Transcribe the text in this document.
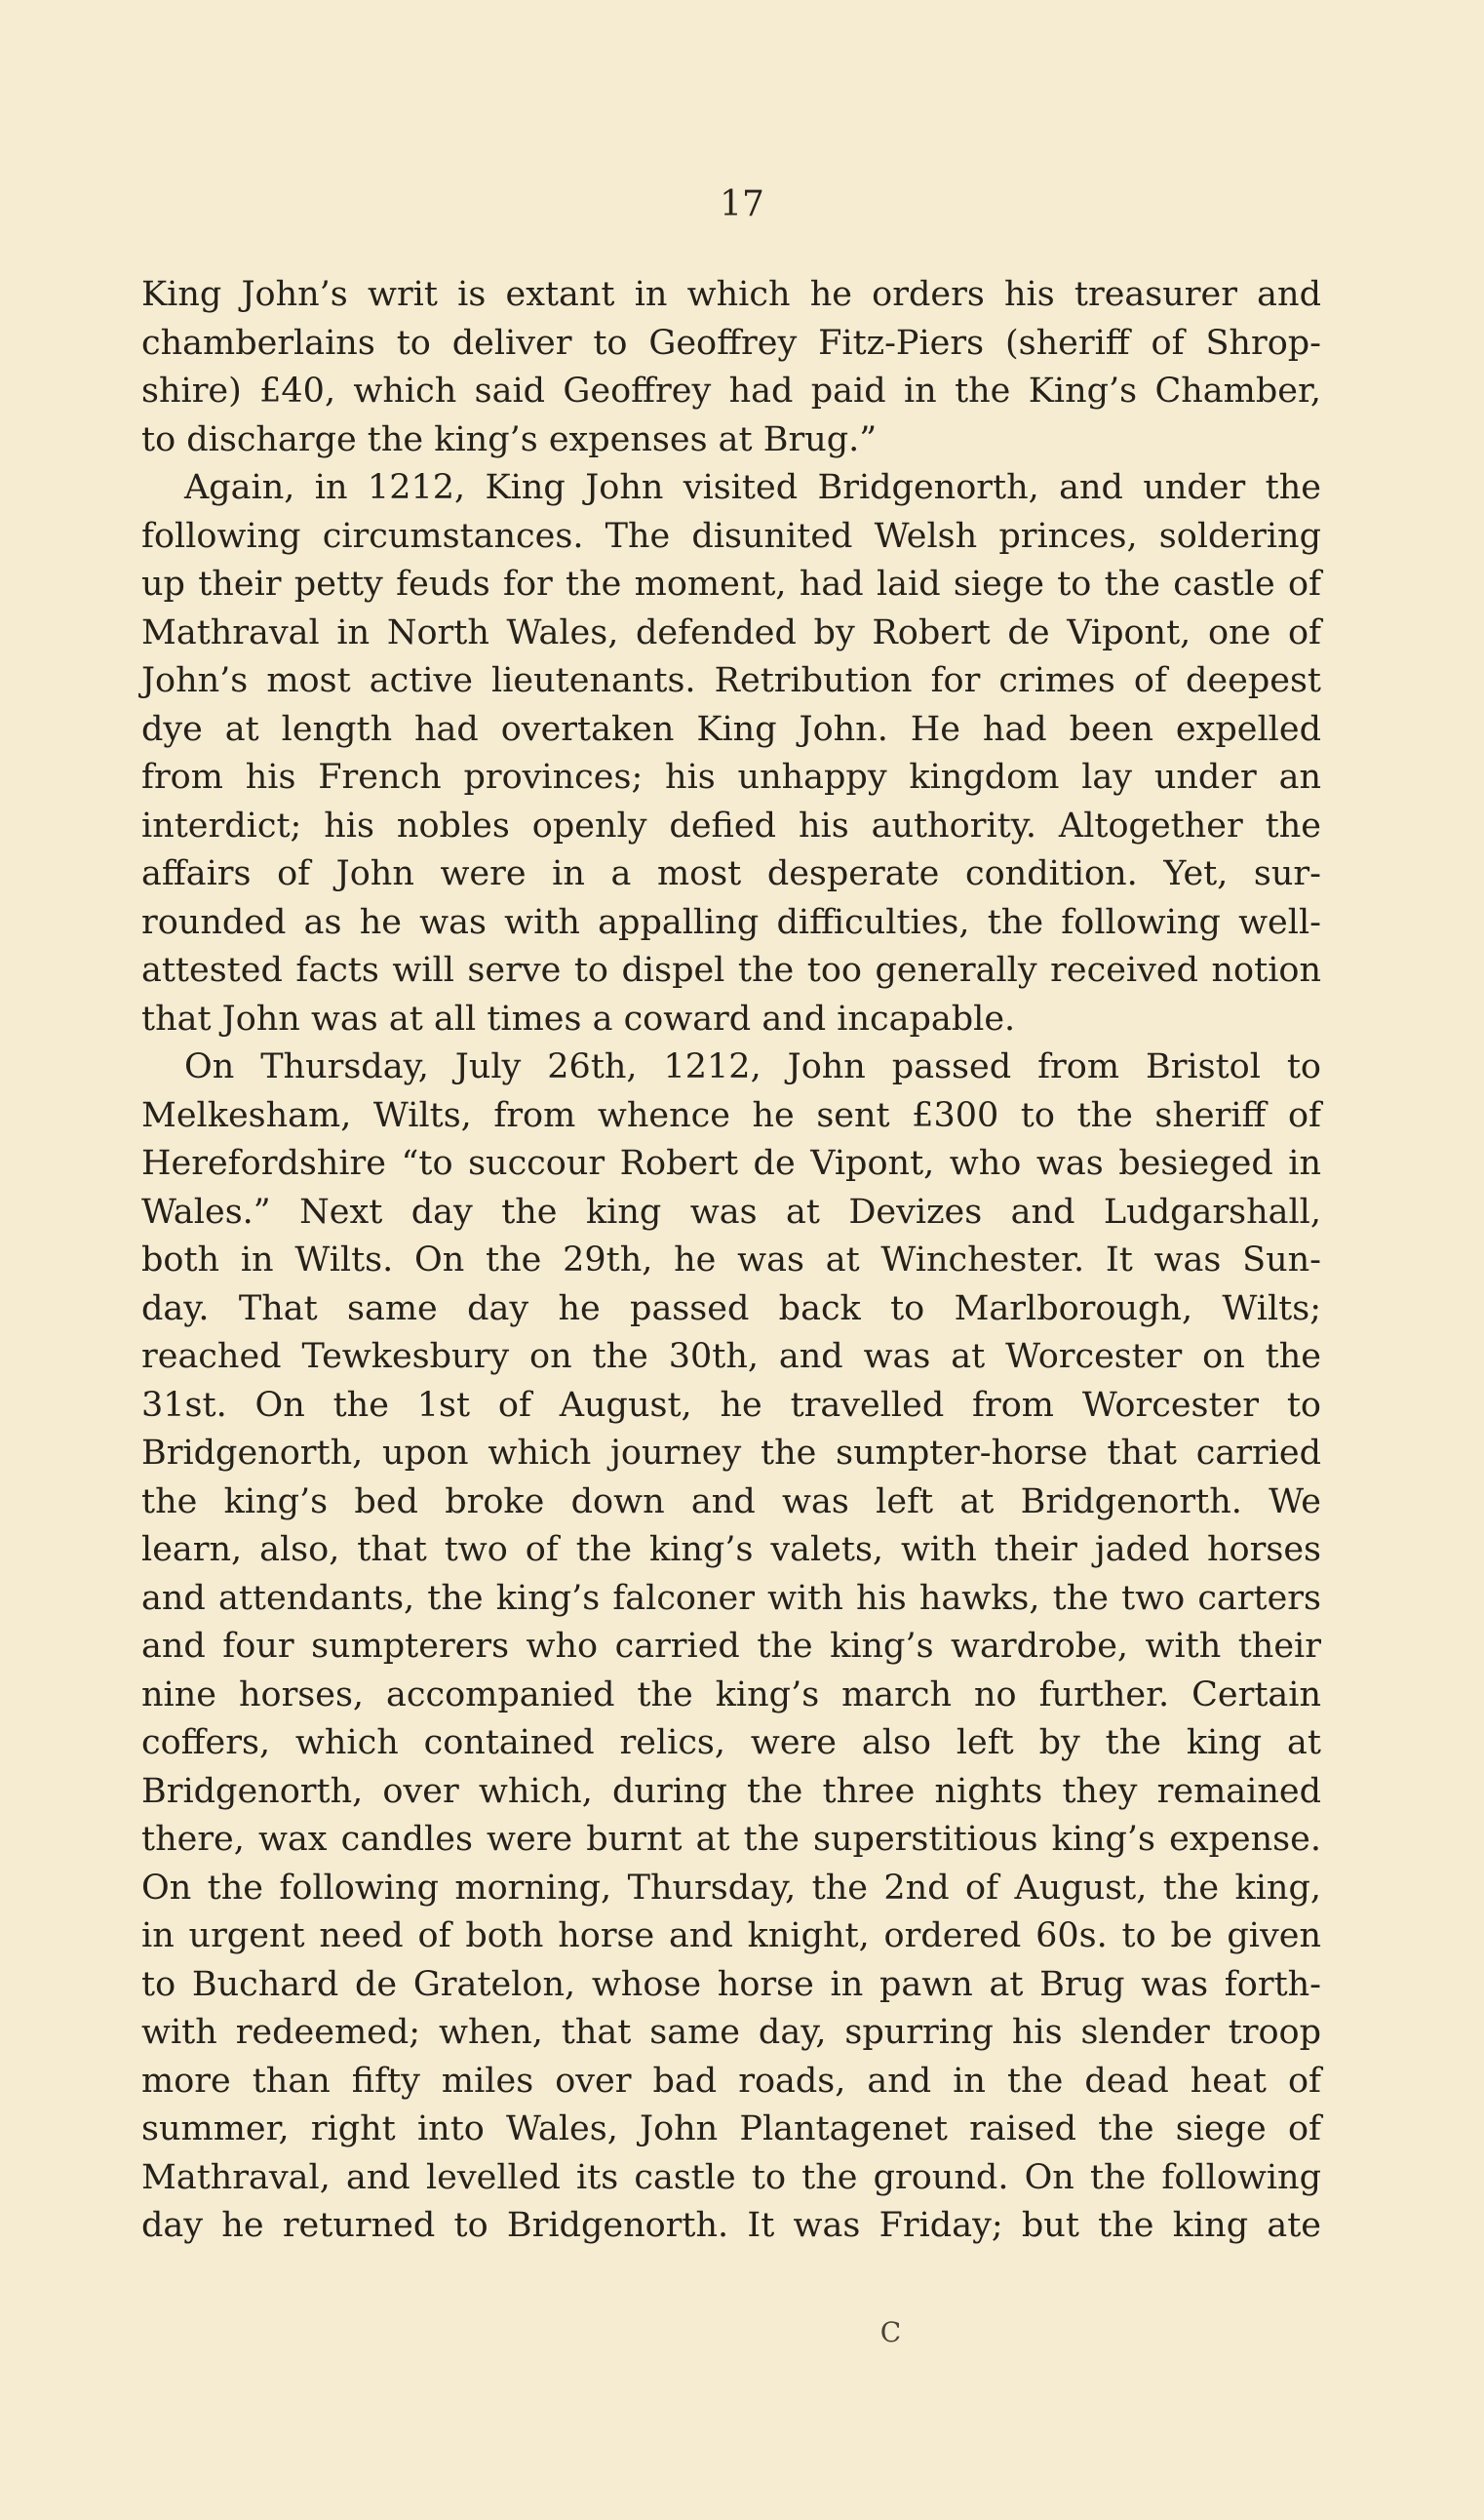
17
King John’s writ is extant in which he orders his treasurer and
chamberlains to deliver to Geoffrey Fitz-Piers (sheriff of Shrop-
shire) £40, which said Geoffrey had paid in the King’s Chamber,
to discharge the king’s expenses at Brug.”
Again, in 1212, King John visited Bridgenorth, and under the
following circumstances. The disunited Welsh princes, soldering
up their petty feuds for the moment, had laid siege to the castle of
Mathraval in North Wales, defended by Robert de Vipont, one of
John’s most active lieutenants. Retribution for crimes of deepest
dye at length had overtaken King John. He had been expelled
from his French provinces; his unhappy kingdom lay under an
interdict; his nobles openly defied his authority. Altogether the
affairs of John were in a most desperate condition. Yet, sur-
rounded as he was with appalling difficulties, the following well-
attested facts will serve to dispel the too generally received notion
that John was at all times a coward and incapable.
On Thursday, July 26th, 1212, John passed from Bristol to
Melkesham, Wilts, from whence he sent £300 to the sheriff of
Herefordshire “to succour Robert de Vipont, who was besieged in
Wales.” Next day the king was at Devizes and Ludgarshall,
both in Wilts. On the 29th, he was at Winchester. It was Sun-
day. That same day he passed back to Marlborough, Wilts;
reached Tewkesbury on the 30th, and was at Worcester on the
31st. On the 1st of August, he travelled from Worcester to
Bridgenorth, upon which journey the sumpter-horse that carried
the king’s bed broke down and was left at Bridgenorth. We
learn, also, that two of the king’s valets, with their jaded horses
and attendants, the king’s falconer with his hawks, the two carters
and four sumpterers who carried the king’s wardrobe, with their
nine horses, accompanied the king’s march no further. Certain
coffers, which contained relics, were also left by the king at
Bridgenorth, over which, during the three nights they remained
there, wax candles were burnt at the superstitious king’s expense.
On the following morning, Thursday, the 2nd of August, the king,
in urgent need of both horse and knight, ordered 60s. to be given
to Buchard de Gratelon, whose horse in pawn at Brug was forth-
with redeemed; when, that same day, spurring his slender troop
more than fifty miles over bad roads, and in the dead heat of
summer, right into Wales, John Plantagenet raised the siege of
Mathraval, and levelled its castle to the ground. On the following
day he returned to Bridgenorth. It was Friday; but the king ate
C
